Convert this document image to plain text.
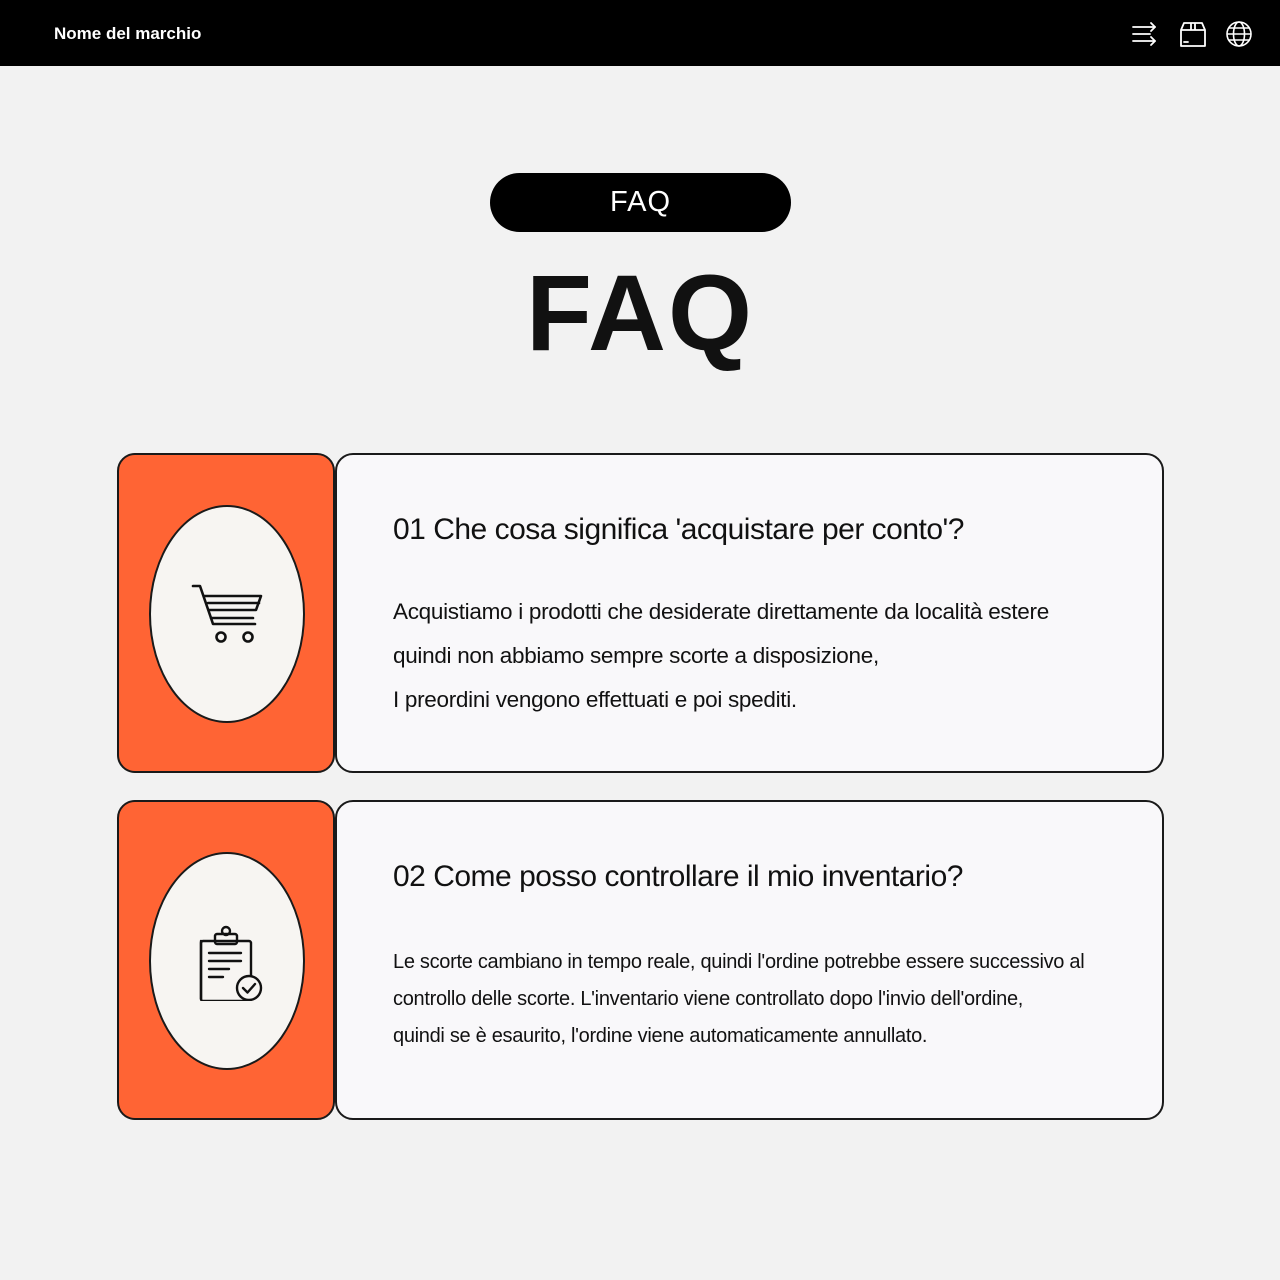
Nome del marchio
FAQ
FAQ
01 Che cosa significa 'acquistare per conto'?
Acquistiamo i prodotti che desiderate direttamente da località estere
quindi non abbiamo sempre scorte a disposizione,
I preordini vengono effettuati e poi spediti.
02 Come posso controllare il mio inventario?
Le scorte cambiano in tempo reale, quindi l'ordine potrebbe essere successivo al
controllo delle scorte. L'inventario viene controllato dopo l'invio dell'ordine,
quindi se è esaurito, l'ordine viene automaticamente annullato.
